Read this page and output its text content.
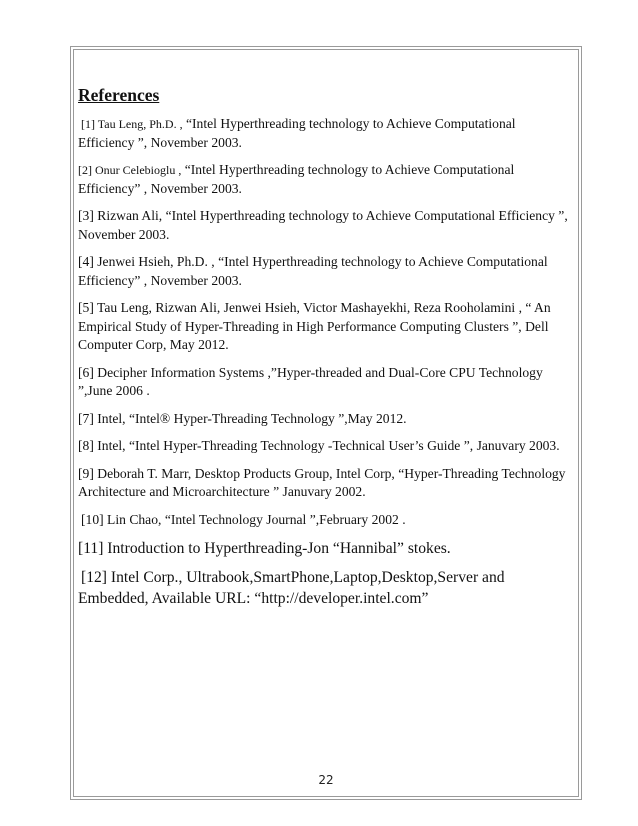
References
[1] Tau Leng, Ph.D. , “Intel Hyperthreading technology to Achieve Computational Efficiency ”, November 2003.
[2] Onur Celebioglu , “Intel Hyperthreading technology to Achieve Computational Efficiency” , November 2003.
[3] Rizwan Ali, “Intel Hyperthreading technology to Achieve Computational Efficiency ”, November 2003.
[4] Jenwei Hsieh, Ph.D. , “Intel Hyperthreading technology to Achieve Computational Efficiency” , November 2003.
[5] Tau Leng, Rizwan Ali, Jenwei Hsieh, Victor Mashayekhi, Reza Rooholamini , “ An Empirical Study of Hyper-Threading in High Performance Computing Clusters ”, Dell Computer Corp, May 2012.
[6] Decipher Information Systems ,”Hyper-threaded and Dual-Core CPU Technology ”,June 2006 .
[7] Intel, “Intel® Hyper-Threading Technology ”,May 2012.
[8] Intel, “Intel Hyper-Threading Technology -Technical User’s Guide ”, Januvary 2003.
[9] Deborah T. Marr, Desktop Products Group, Intel Corp, “Hyper-Threading Technology Architecture and Microarchitecture ” Januvary 2002.
[10] Lin Chao, “Intel Technology Journal ”,February 2002 .
[11] Introduction to Hyperthreading-Jon “Hannibal” stokes.
[12] Intel Corp., Ultrabook,SmartPhone,Laptop,Desktop,Server and Embedded, Available URL: “http://developer.intel.com”
22
